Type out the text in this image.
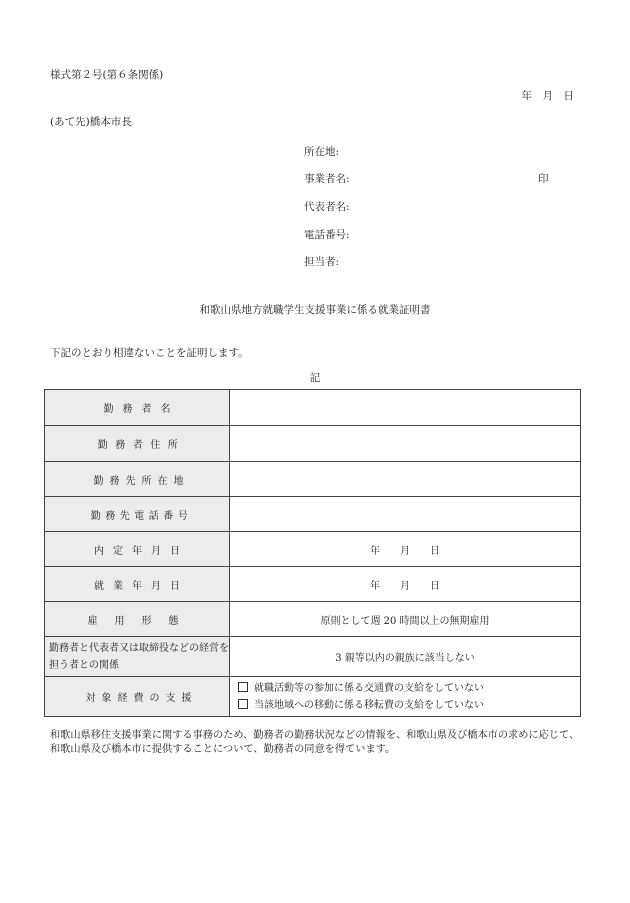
様式第２号(第６条関係)
年　月　日
(あて先)橋本市長
所在地:
事業者名:	印
代表者名:
電話番号:
担当者:
和歌山県地方就職学生支援事業に係る就業証明書
下記のとおり相違ないことを証明します。
記
勤務者名	
勤務者住所	
勤務先所在地	
勤務先電話番号	
内定年月日	年　　月　　日
就業年月日	年　　月　　日
雇用形態	原則として週 20 時間以上の無期雇用
勤務者と代表者又は取締役などの経営を担う者との関係	3 親等以内の親族に該当しない
対象経費の支援	就職活動等の参加に係る交通費の支給をしていない
当該地域への移動に係る移転費の支給をしていない
和歌山県移住支援事業に関する事務のため、勤務者の勤務状況などの情報を、和歌山県及び橋本市の求めに応じて、和歌山県及び橋本市に提供することについて、勤務者の同意を得ています。
